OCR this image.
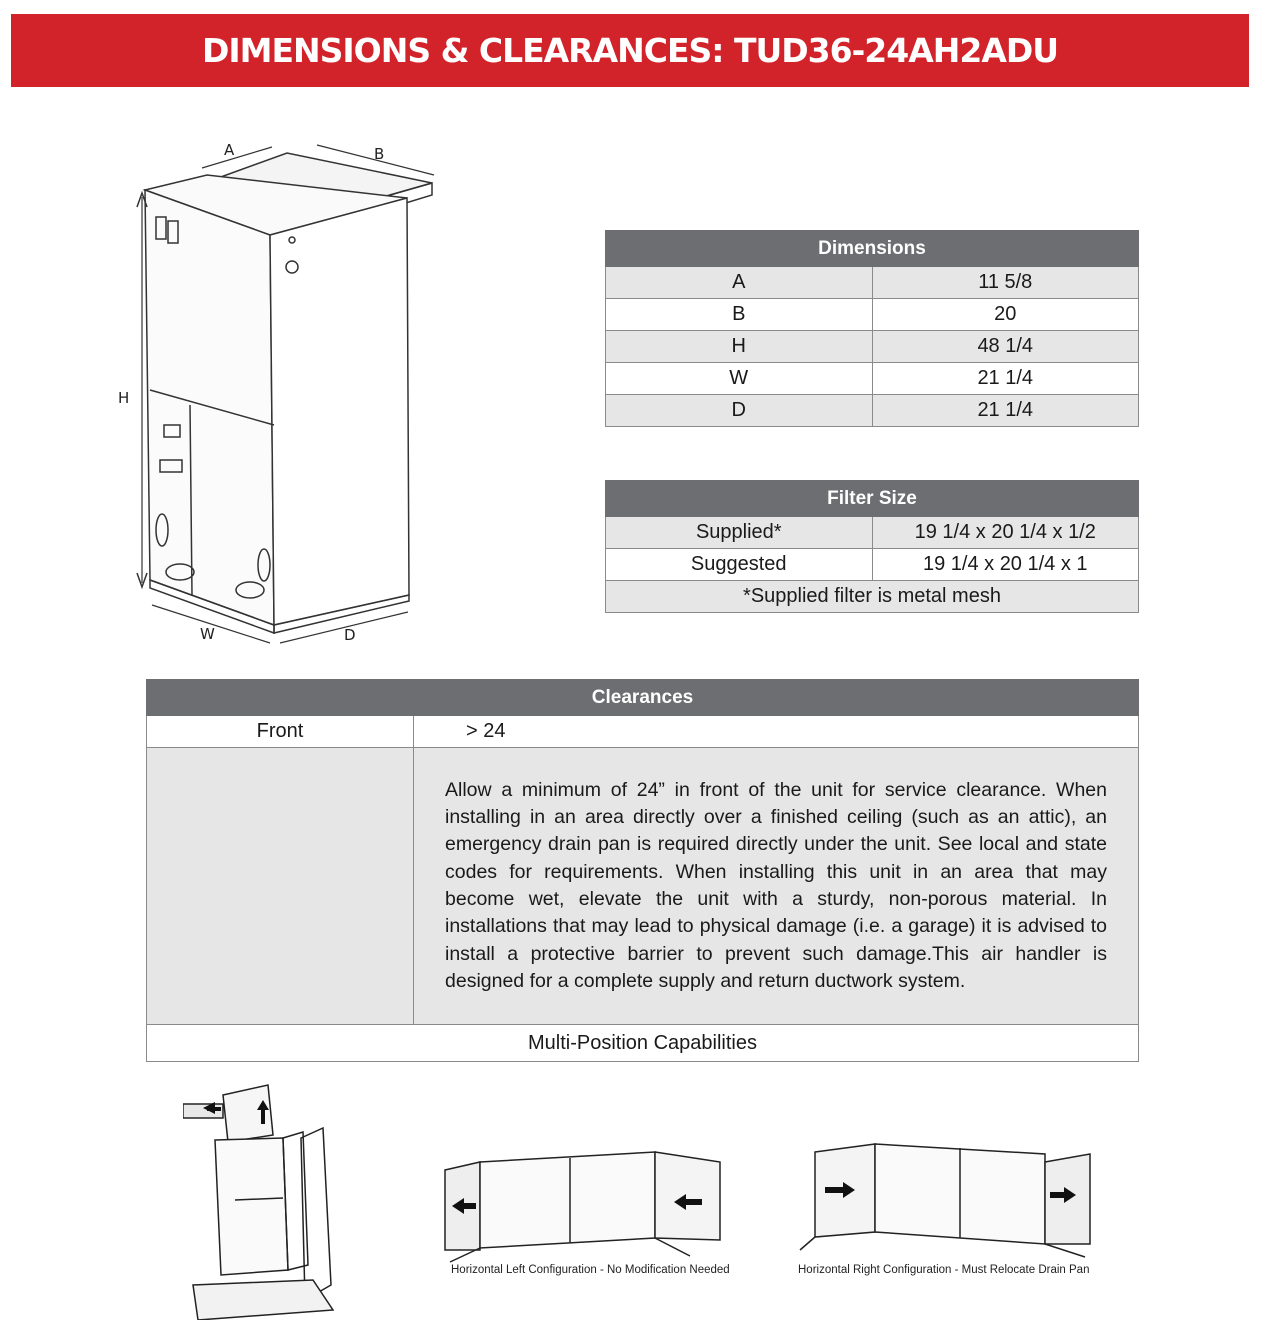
DIMENSIONS & CLEARANCES: TUD36-24AH2ADU
A	B
H
W	D
Dimensions	
A	11 5/8
B	20
H	48 1/4
W	21 1/4
D	21 1/4
Filter Size	
Supplied*	19 1/4 x 20 1/4 x 1/2
Suggested	19 1/4 x 20 1/4 x 1
*Supplied filter is metal mesh	
Clearances	
Front	> 24
	Allow a minimum of 24” in front of the unit for service clearance. When installing in an area directly over a finished ceiling (such as an attic), an emergency drain pan is required directly under the unit. See local and state codes for requirements. When installing this unit in an area that may become wet, elevate the unit with a sturdy, non-porous material. In installations that may lead to physical damage (i.e. a garage) it is advised to install a protective barrier to prevent such damage.This air handler is designed for a complete supply and return ductwork system.
Multi-Position Capabilities	
Horizontal Left Configuration - No Modification Needed	Horizontal Right Configuration - Must Relocate Drain Pan
